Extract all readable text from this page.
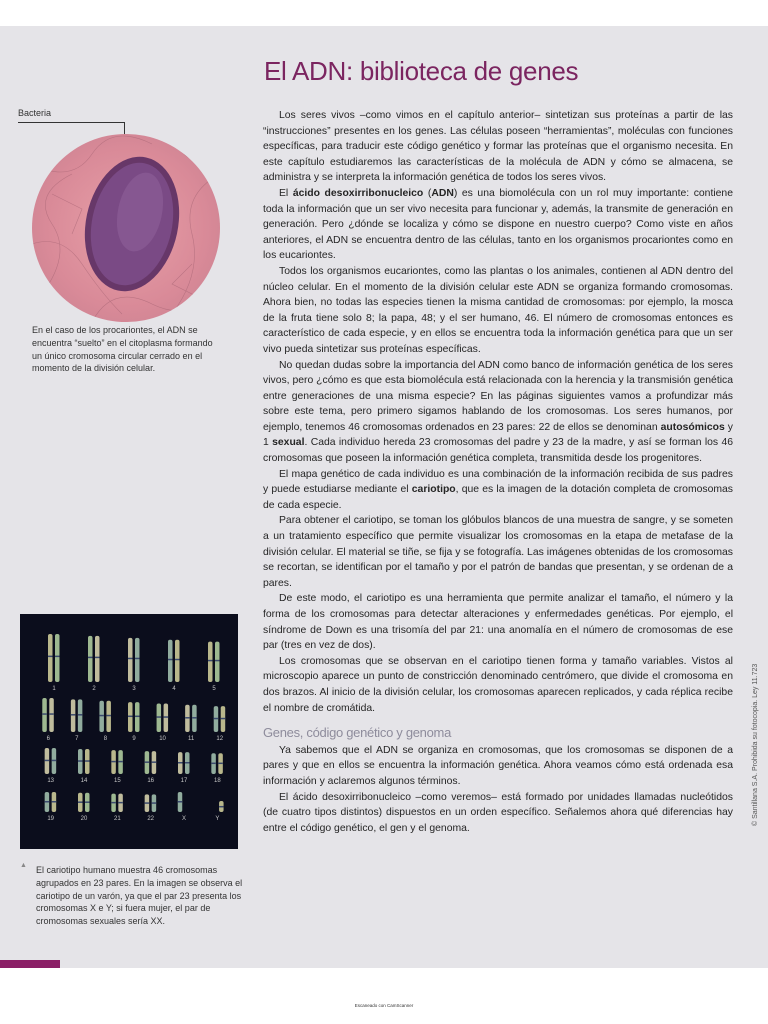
El ADN: biblioteca de genes
Bacteria
En el caso de los procariontes, el ADN se encuentra “suelto” en el citoplasma formando un único cromosoma circular cerrado en el momento de la división celular.
1	2	3	4	5
6	7	8	9	10	11	12
13	14	15	16	17	18
19	20	21	22	X	Y
▲ El cariotipo humano muestra 46 cromosomas agrupados en 23 pares. En la imagen se observa el cariotipo de un varón, ya que el par 23 presenta los cromosomas X e Y; si fuera mujer, el par de cromosomas sexuales sería XX.

Los seres vivos –como vimos en el capítulo anterior– sintetizan sus proteínas a partir de las “instrucciones” presentes en los genes. Las células poseen “herramientas”, moléculas con funciones específicas, para traducir este código genético y formar las proteínas que el organismo necesita. En este capítulo estudiaremos las características de la molécula de ADN y cómo se almacena, se administra y se interpreta la información genética de todos los seres vivos.

El ácido desoxirribonucleico (ADN) es una biomolécula con un rol muy importante: contiene toda la información que un ser vivo necesita para funcionar y, además, la transmite de generación en generación. Pero ¿dónde se localiza y cómo se dispone en nuestro cuerpo? Como viste en años anteriores, el ADN se encuentra dentro de las células, tanto en los organismos procariontes como en los eucariontes.

Todos los organismos eucariontes, como las plantas o los animales, contienen al ADN dentro del núcleo celular. En el momento de la división celular este ADN se organiza formando cromosomas. Ahora bien, no todas las especies tienen la misma cantidad de cromosomas: por ejemplo, la mosca de la fruta tiene solo 8; la papa, 48; y el ser humano, 46. El número de cromosomas entonces es característico de cada especie, y en ellos se encuentra toda la información genética para que un ser vivo pueda sintetizar sus proteínas específicas.

No quedan dudas sobre la importancia del ADN como banco de información genética de los seres vivos, pero ¿cómo es que esta biomolécula está relacionada con la herencia y la transmisión genética entre generaciones de una misma especie? En las páginas siguientes vamos a profundizar más sobre este tema, pero primero sigamos hablando de los cromosomas. Los seres humanos, por ejemplo, tenemos 46 cromosomas ordenados en 23 pares: 22 de ellos se denominan autosómicos y 1 sexual. Cada individuo hereda 23 cromosomas del padre y 23 de la madre, y así se forman los 46 cromosomas que poseen la información genética completa, transmitida desde los progenitores.

El mapa genético de cada individuo es una combinación de la información recibida de sus padres y puede estudiarse mediante el cariotipo, que es la imagen de la dotación completa de cromosomas de cada especie.

Para obtener el cariotipo, se toman los glóbulos blancos de una muestra de sangre, y se someten a un tratamiento específico que permite visualizar los cromosomas en la etapa de metafase de la división celular. El material se tiñe, se fija y se fotografía. Las imágenes obtenidas de los cromosomas se recortan, se identifican por el tamaño y por el patrón de bandas que presentan, y se ordenan de a pares.

De este modo, el cariotipo es una herramienta que permite analizar el tamaño, el número y la forma de los cromosomas para detectar alteraciones y enfermedades genéticas. Por ejemplo, el síndrome de Down es una trisomía del par 21: una anomalía en el número de cromosomas de ese par (tres en vez de dos).

Los cromosomas que se observan en el cariotipo tienen forma y tamaño variables. Vistos al microscopio aparece un punto de constricción denominado centrómero, que divide el cromosoma en dos brazos. Al inicio de la división celular, los cromosomas aparecen replicados, y cada réplica recibe el nombre de cromátida.

Genes, código genético y genoma

Ya sabemos que el ADN se organiza en cromosomas, que los cromosomas se disponen de a pares y que en ellos se encuentra la información genética. Ahora veamos cómo está ordenada esa información y aclaremos algunos términos.

El ácido desoxirribonucleico –como veremos– está formado por unidades llamadas nucleótidos (de cuatro tipos distintos) dispuestos en un orden específico. Señalemos ahora qué diferencias hay entre el código genético, el gen y el genoma.

© Santillana S.A. Prohibida su fotocopia. Ley 11.723
Escaneado con CamScanner
